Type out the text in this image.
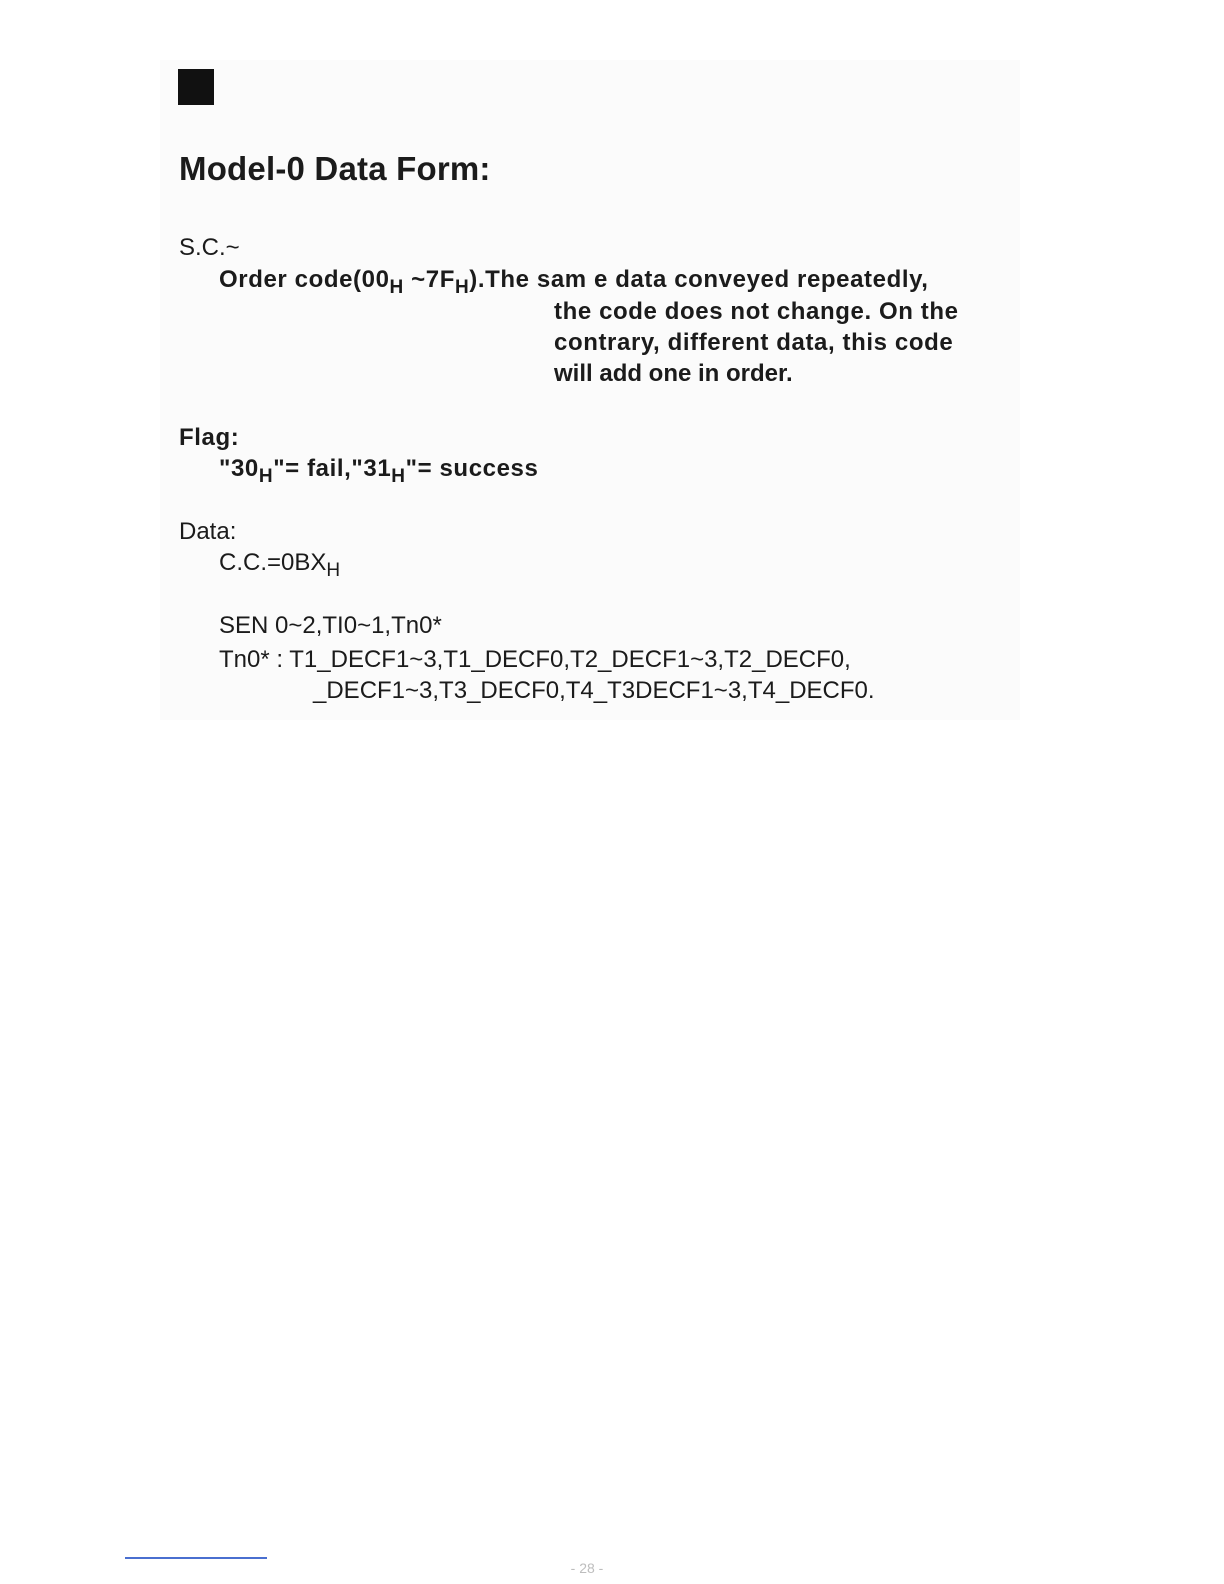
Model-0 Data Form:
S.C.~
Order $code(00_H$ $\sim 7F_H).The$ sam e data conveyed repeatedly,
the code does not change. On the
contrary, different data, this code
will add one in order.
Flag:
"$30_H"=$ $fail,"31_H"=$ success
Data:
$C.C.=0BX_H$
SEN 0~2,TI0~1,Tn0*
Tn0* : T1_DECF1~3,T1_DECF0,T2_DECF1~3,T2_DECF0,
_DECF1~3,T3_DECF0,T4_T3DECF1~3,T4_DECF0.
- 28 -
